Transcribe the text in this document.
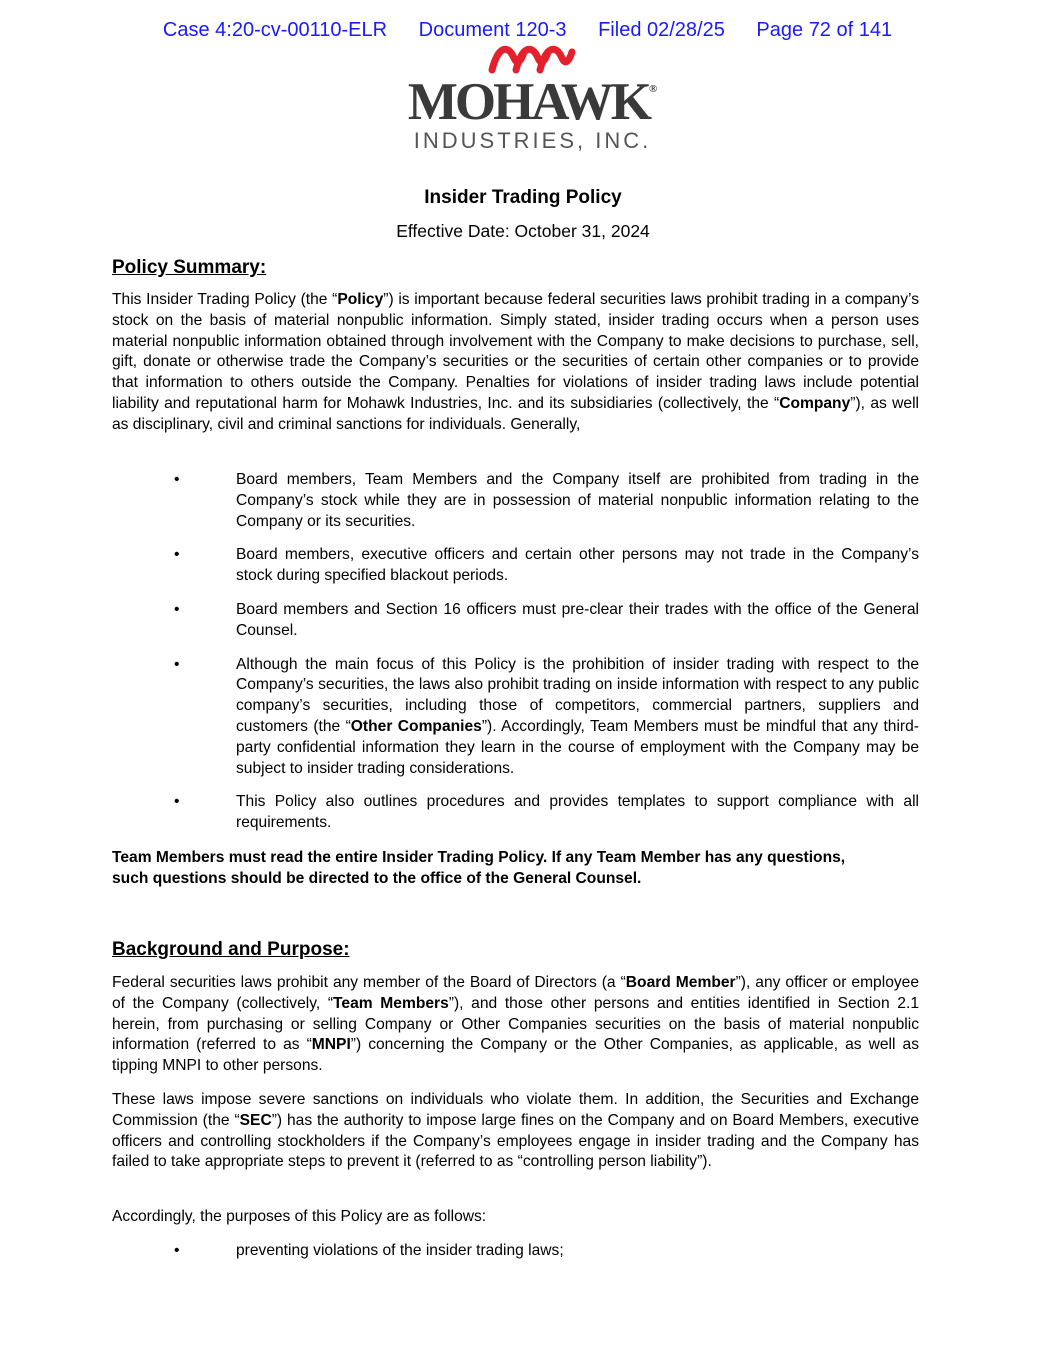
Case 4:20-cv-00110-ELR Document 120-3 Filed 02/28/25 Page 72 of 141
MOHAWK®
INDUSTRIES, INC.
Insider Trading Policy
Effective Date: October 31, 2024
Policy Summary:

This Insider Trading Policy (the “Policy”) is important because federal securities laws prohibit trading in a company’s stock on the basis of material nonpublic information. Simply stated, insider trading occurs when a person uses material nonpublic information obtained through involvement with the Company to make decisions to purchase, sell, gift, donate or otherwise trade the Company’s securities or the securities of certain other companies or to provide that information to others outside the Company. Penalties for violations of insider trading laws include potential liability and reputational harm for Mohawk Industries, Inc. and its subsidiaries (collectively, the “Company”), as well as disciplinary, civil and criminal sanctions for individuals. Generally,

•	Board members, Team Members and the Company itself are prohibited from trading in the Company’s stock while they are in possession of material nonpublic information relating to the Company or its securities.
•	Board members, executive officers and certain other persons may not trade in the Company’s stock during specified blackout periods.
•	Board members and Section 16 officers must pre-clear their trades with the office of the General Counsel.
•	Although the main focus of this Policy is the prohibition of insider trading with respect to the Company’s securities, the laws also prohibit trading on inside information with respect to any public company’s securities, including those of competitors, commercial partners, suppliers and customers (the “Other Companies”). Accordingly, Team Members must be mindful that any third-party confidential information they learn in the course of employment with the Company may be subject to insider trading considerations.
•	This Policy also outlines procedures and provides templates to support compliance with all requirements.

Team Members must read the entire Insider Trading Policy. If any Team Member has any questions, such questions should be directed to the office of the General Counsel.

Background and Purpose:

Federal securities laws prohibit any member of the Board of Directors (a “Board Member”), any officer or employee of the Company (collectively, “Team Members”), and those other persons and entities identified in Section 2.1 herein, from purchasing or selling Company or Other Companies securities on the basis of material nonpublic information (referred to as “MNPI”) concerning the Company or the Other Companies, as applicable, as well as tipping MNPI to other persons.

These laws impose severe sanctions on individuals who violate them. In addition, the Securities and Exchange Commission (the “SEC”) has the authority to impose large fines on the Company and on Board Members, executive officers and controlling stockholders if the Company’s employees engage in insider trading and the Company has failed to take appropriate steps to prevent it (referred to as “controlling person liability”).

Accordingly, the purposes of this Policy are as follows:

•	preventing violations of the insider trading laws;
